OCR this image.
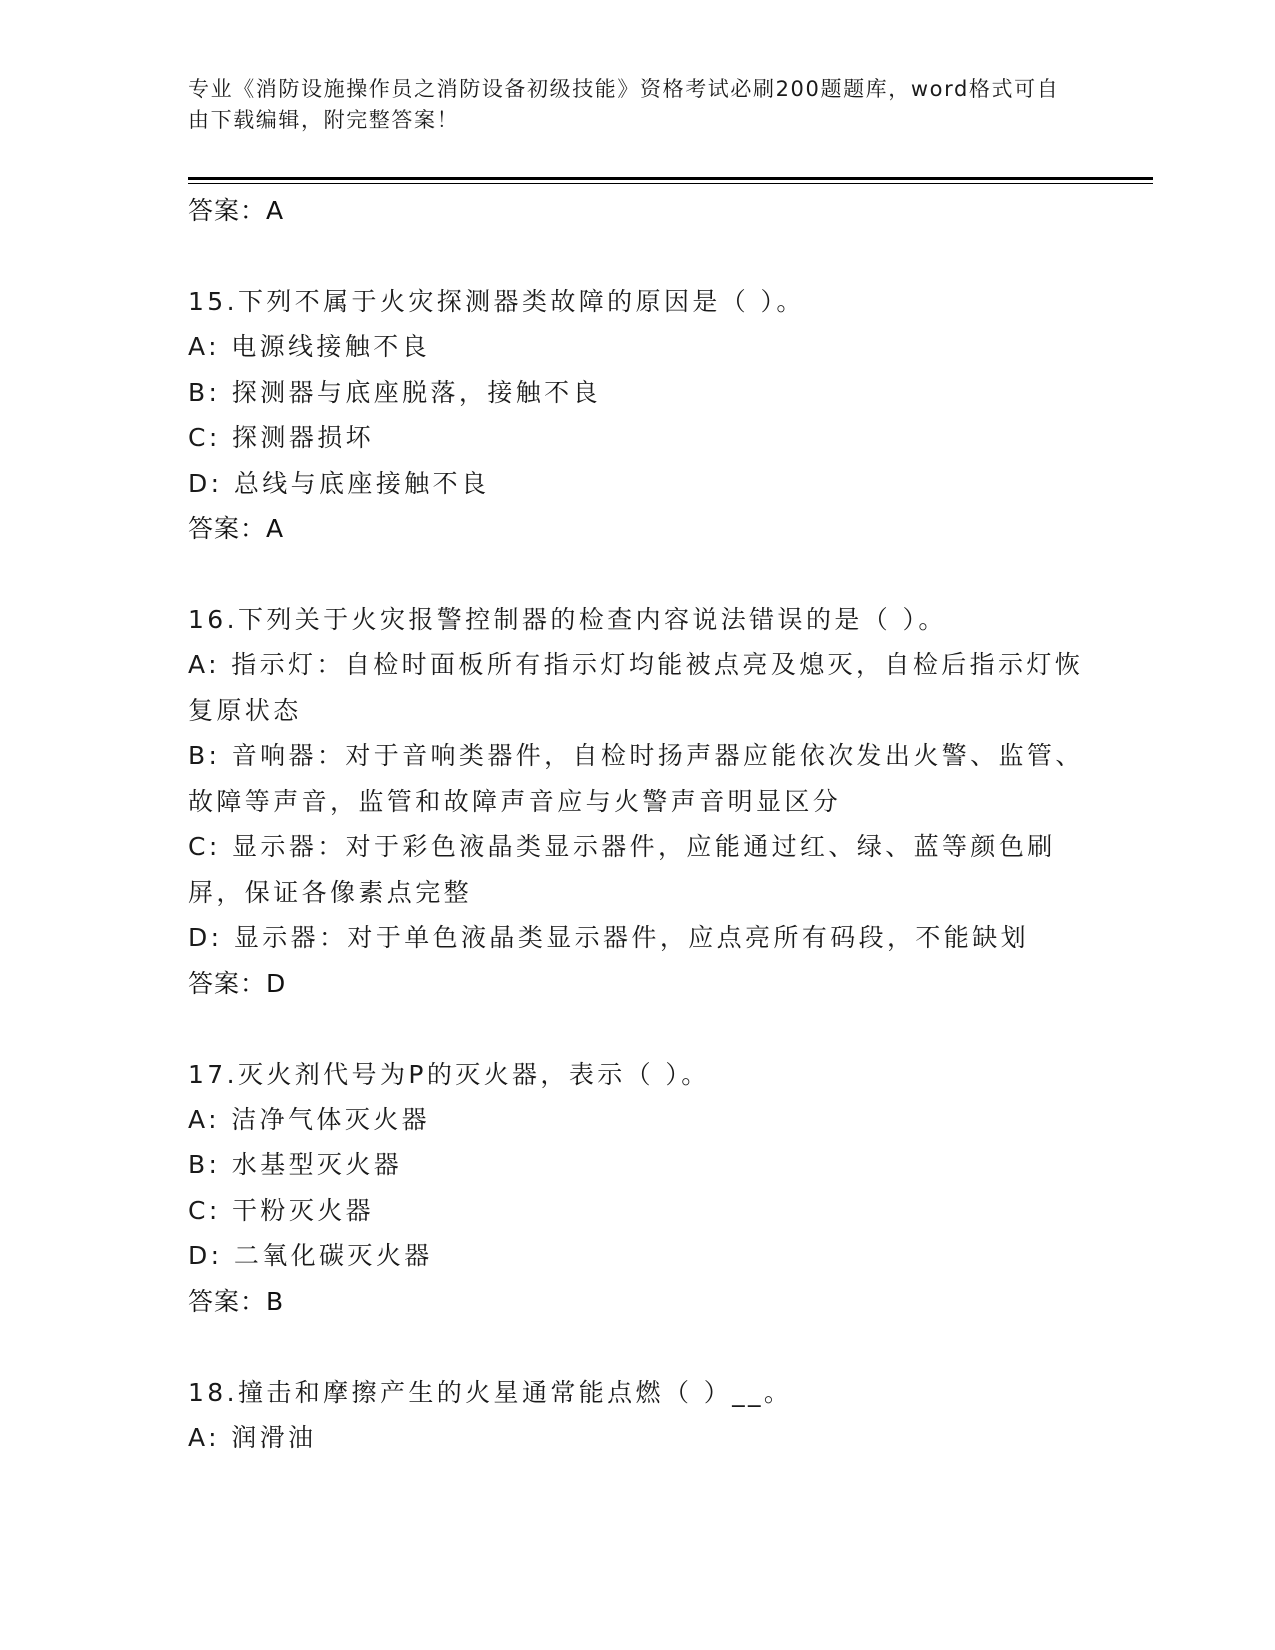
专业《消防设施操作员之消防设备初级技能》资格考试必刷200题题库，word格式可自由下载编辑，附完整答案！
答案：A
15.下列不属于火灾探测器类故障的原因是（ ）。
A: 电源线接触不良
B: 探测器与底座脱落，接触不良
C: 探测器损坏
D: 总线与底座接触不良
答案：A
16.下列关于火灾报警控制器的检查内容说法错误的是（ ）。
A: 指示灯：自检时面板所有指示灯均能被点亮及熄灭，自检后指示灯恢复原状态
B: 音响器：对于音响类器件，自检时扬声器应能依次发出火警、监管、故障等声音，监管和故障声音应与火警声音明显区分
C: 显示器：对于彩色液晶类显示器件，应能通过红、绿、蓝等颜色刷屏，保证各像素点完整
D: 显示器：对于单色液晶类显示器件，应点亮所有码段，不能缺划
答案：D
17.灭火剂代号为P的灭火器，表示（ ）。
A: 洁净气体灭火器
B: 水基型灭火器
C: 干粉灭火器
D: 二氧化碳灭火器
答案：B
18.撞击和摩擦产生的火星通常能点燃（ ）__。
A: 润滑油
